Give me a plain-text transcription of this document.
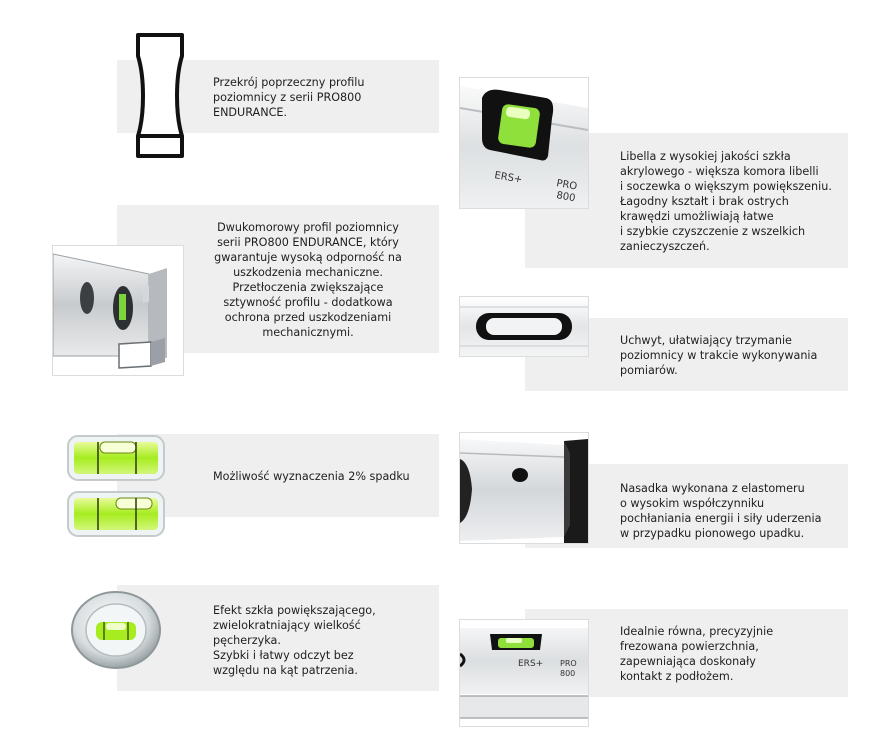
Przekrój poprzeczny profilu
poziomnicy z serii PRO800
ENDURANCE.
Dwukomorowy profil poziomnicy
serii PRO800 ENDURANCE, który
gwarantuje wysoką odporność na
uszkodzenia mechaniczne.
Przetłoczenia zwiększające
sztywność profilu - dodatkowa
ochrona przed uszkodzeniami
mechanicznymi.
Możliwość wyznaczenia 2% spadku
Efekt szkła powiększającego,
zwielokratniający wielkość
pęcherzyka.
Szybki i łatwy odczyt bez
względu na kąt patrzenia.
ERS+	PRO
800
Libella z wysokiej jakości szkła
akrylowego - większa komora libelli
i soczewka o większym powiększeniu.
Łagodny kształt i brak ostrych
krawędzi umożliwiają łatwe
i szybkie czyszczenie z wszelkich
zanieczyszczeń.
Uchwyt, ułatwiający trzymanie
poziomnicy w trakcie wykonywania
pomiarów.
Nasadka wykonana z elastomeru
o wysokim współczynniku
pochłaniania energii i siły uderzenia
w przypadku pionowego upadku.
ERS+ PRO
800
Idealnie równa, precyzyjnie
frezowana powierzchnia,
zapewniająca doskonały
kontakt z podłożem.
